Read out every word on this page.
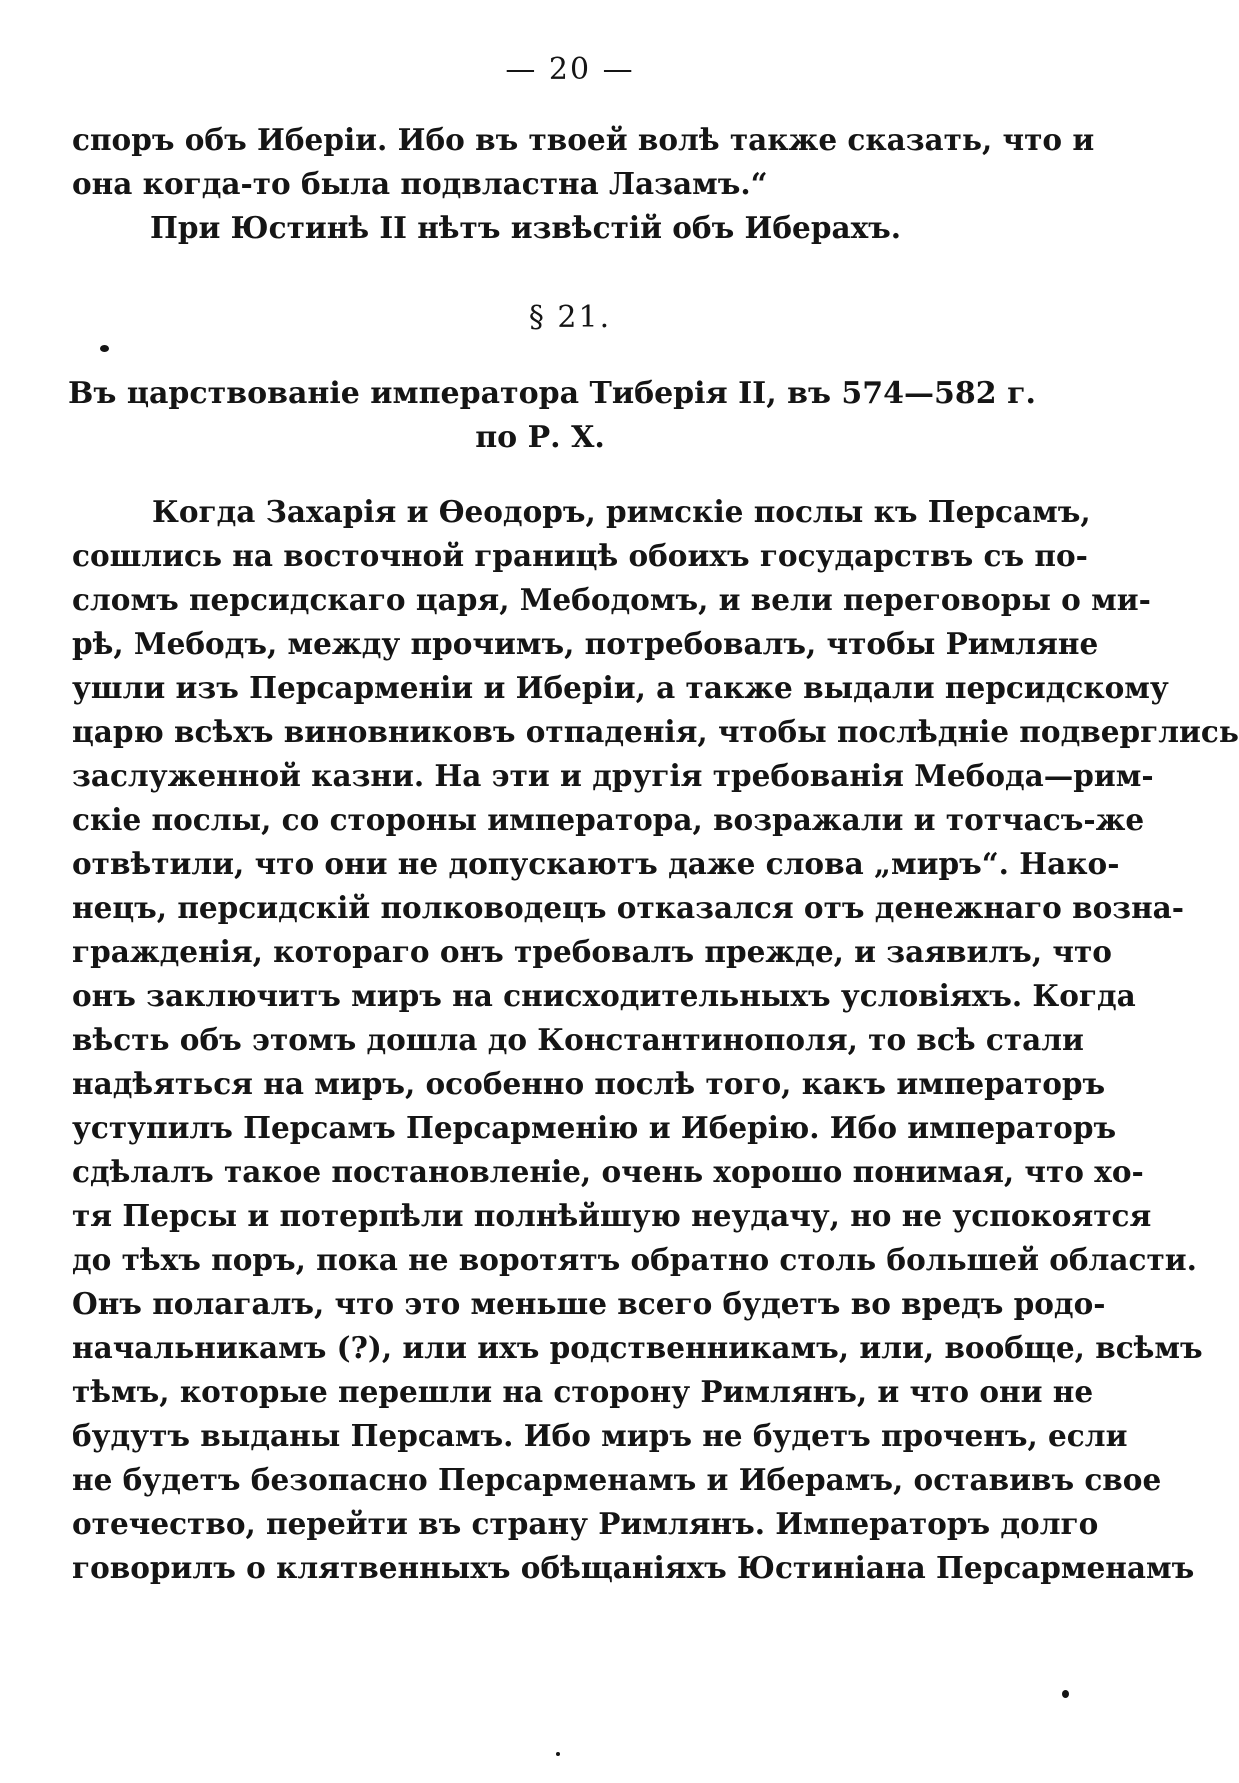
— 20 —
споръ объ Иберіи. Ибо въ твоей волѣ также сказать, что и
она когда-то была подвластна Лазамъ.“
При Юстинѣ II нѣтъ извѣстій объ Иберахъ.
§ 21.
Въ царствованіе императора Тиберія II, въ 574—582 г.
по Р. Х.
Когда Захарія и Өеодоръ, римскіе послы къ Персамъ,
сошлись на восточной границѣ обоихъ государствъ съ по-
сломъ персидскаго царя, Мебодомъ, и вели переговоры о ми-
рѣ, Мебодъ, между прочимъ, потребовалъ, чтобы Римляне
ушли изъ Персарменіи и Иберіи, а также выдали персидскому
царю всѣхъ виновниковъ отпаденія, чтобы послѣдніе подверглись
заслуженной казни. На эти и другія требованія Мебода—рим-
скіе послы, со стороны императора, возражали и тотчасъ-же
отвѣтили, что они не допускаютъ даже слова „миръ“. Нако-
нецъ, персидскій полководецъ отказался отъ денежнаго возна-
гражденія, котораго онъ требовалъ прежде, и заявилъ, что
онъ заключитъ миръ на снисходительныхъ условіяхъ. Когда
вѣсть объ этомъ дошла до Константинополя, то всѣ стали
надѣяться на миръ, особенно послѣ того, какъ императоръ
уступилъ Персамъ Персарменію и Иберію. Ибо императоръ
сдѣлалъ такое постановленіе, очень хорошо понимая, что хо-
тя Персы и потерпѣли полнѣйшую неудачу, но не успокоятся
до тѣхъ поръ, пока не воротятъ обратно столь большей области.
Онъ полагалъ, что это меньше всего будетъ во вредъ родо-
начальникамъ (?), или ихъ родственникамъ, или, вообще, всѣмъ
тѣмъ, которые перешли на сторону Римлянъ, и что они не
будутъ выданы Персамъ. Ибо миръ не будетъ проченъ, если
не будетъ безопасно Персарменамъ и Иберамъ, оставивъ свое
отечество, перейти въ страну Римлянъ. Императоръ долго
говорилъ о клятвенныхъ обѣщаніяхъ Юстиніана Персарменамъ
